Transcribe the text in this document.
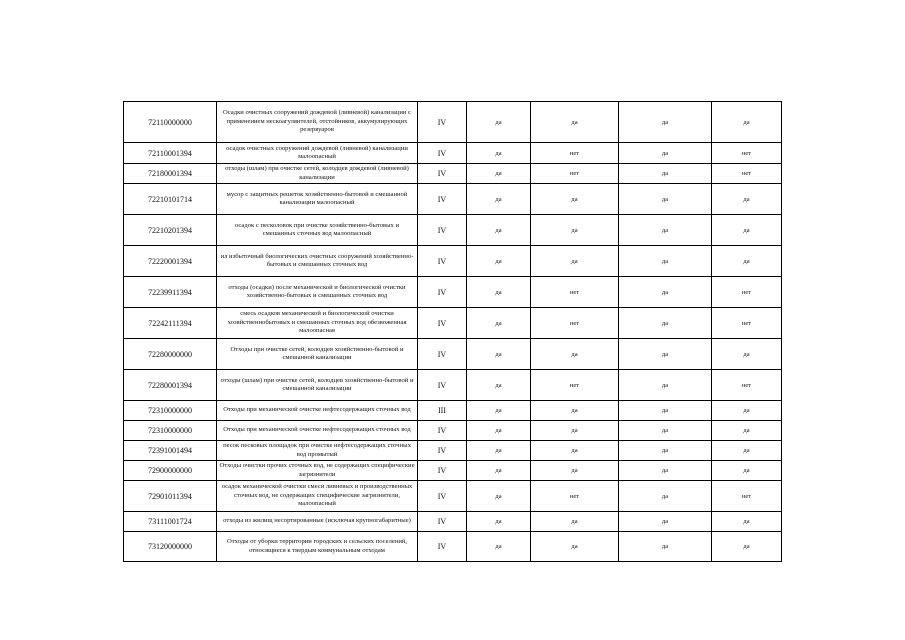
72110000000	Осадки очистных сооружений дождевой (ливневой) канализации с применением нескоагулянтелей, отстойников, аккумулирующих резервуаров	IV	да	да	да	да
72110001394	осадок очистных сооружений дождевой (ливневой) канализации малоопасный	IV	да	нет	да	нет
72180001394	отходы (шлам) при очистке сетей, колодцев дождевой (ливневой) канализации	IV	да	нет	да	нет
72210101714	мусор с защитных решеток хозяйственно-бытовой и смешанной канализации малоопасный	IV	да	да	да	да
72210201394	осадок с песколовок при очистке хозяйственно-бытовых и смешанных сточных вод малоопасный	IV	да	да	да	да
72220001394	ил избыточный биологических очистных сооружений хозяйственно-бытовых и смешанных сточных вод	IV	да	да	да	да
72239911394	отходы (осадки) после механической и биологической очистки хозяйственно-бытовых и смешанных сточных вод	IV	да	нет	да	нет
72242111394	смесь осадков механической и биологической очистки хозяйственнобытовых и смешанных сточных вод обезвоженная малоопасная	IV	да	нет	да	нет
72280000000	Отходы при очистке сетей, колодцев хозяйственно-бытовой и смешанной канализации	IV	да	да	да	да
72280001394	отходы (шлам) при очистке сетей, колодцев хозяйственно-бытовой и смешанной канализации	IV	да	нет	да	нет
72310000000	Отходы при механической очистке нефтесодержащих сточных вод	III	да	да	да	да
72310000000	Отходы при механической очистке нефтесодержащих сточных вод	IV	да	да	да	да
72391001494	песок песковых площадок при очистке нефтесодержащих сточных вод промытый	IV	да	да	да	да
72900000000	Отходы очистки прочих сточных вод, не содержащих специфические загрязнители	IV	да	да	да	да
72901011394	осадок механической очистки смеси ливневых и производственных сточных вод, не содержащих специфические загрязнители, малоопасный	IV	да	нет	да	нет
73111001724	отходы из жилищ несортированные (исключая крупногабаритные)	IV	да	да	да	да
73120000000	Отходы от уборки территории городских и сельских поселений, относящиеся к твердым коммунальным отходам	IV	да	да	да	да
